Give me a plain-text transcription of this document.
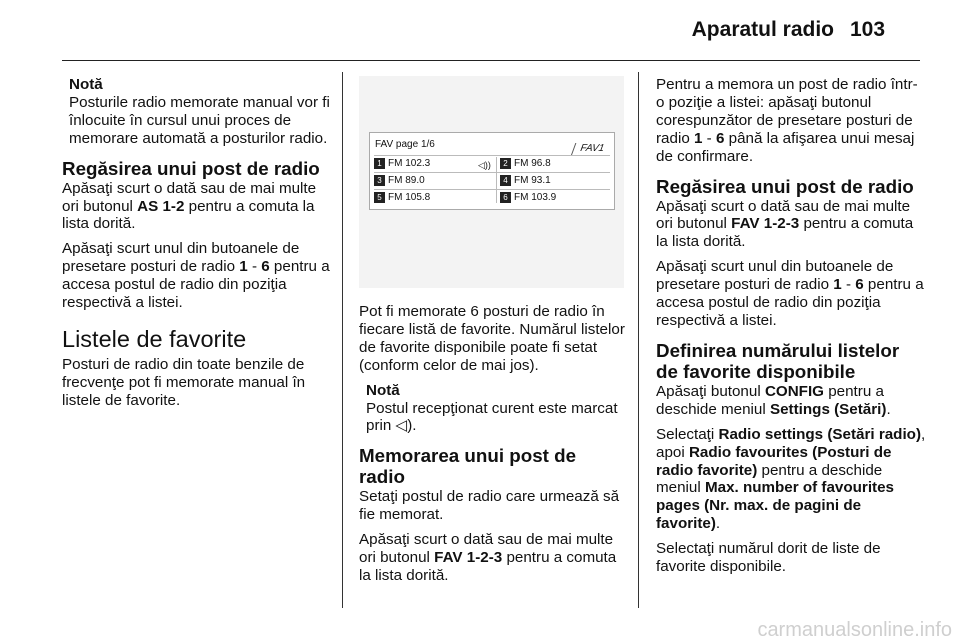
Aparatul radio 103
Notă

Posturile radio memorate manual vor fi înlocuite în cursul unui proces de memorare automată a posturilor radio.

Regăsirea unui post de radio

Apăsaţi scurt o dată sau de mai multe ori butonul AS 1-2 pentru a comuta la lista dorită.

Apăsaţi scurt unul din butoanele de presetare posturi de radio 1 - 6 pentru a accesa postul de radio din poziţia respectivă a listei.

Listele de favorite

Posturi de radio din toate benzile de frecvenţe pot fi memorate manual în listele de favorite.

FAV page 1/6	FAV1
1 FM 102.3	◁))	2 FM 96.8
3 FM 89.0	4 FM 93.1
5 FM 105.8	6 FM 103.9

Pot fi memorate 6 posturi de radio în fiecare listă de favorite. Numărul listelor de favorite disponibile poate fi setat (conform celor de mai jos).

Notă

Postul recepţionat curent este marcat prin ◁).

Memorarea unui post de radio

Setaţi postul de radio care urmează să fie memorat.

Apăsaţi scurt o dată sau de mai multe ori butonul FAV 1-2-3 pentru a comuta la lista dorită.

Pentru a memora un post de radio într-o poziţie a listei: apăsaţi butonul corespunzător de presetare posturi de radio 1 - 6 până la afişarea unui mesaj de confirmare.

Regăsirea unui post de radio

Apăsaţi scurt o dată sau de mai multe ori butonul FAV 1-2-3 pentru a comuta la lista dorită.

Apăsaţi scurt unul din butoanele de presetare posturi de radio 1 - 6 pentru a accesa postul de radio din poziţia respectivă a listei.

Definirea numărului listelor de favorite disponibile

Apăsaţi butonul CONFIG pentru a deschide meniul Settings (Setări).

Selectaţi Radio settings (Setări radio), apoi Radio favourites (Posturi de radio favorite) pentru a deschide meniul Max. number of favourites pages (Nr. max. de pagini de favorite).

Selectaţi numărul dorit de liste de favorite disponibile.

carmanualsonline.info
